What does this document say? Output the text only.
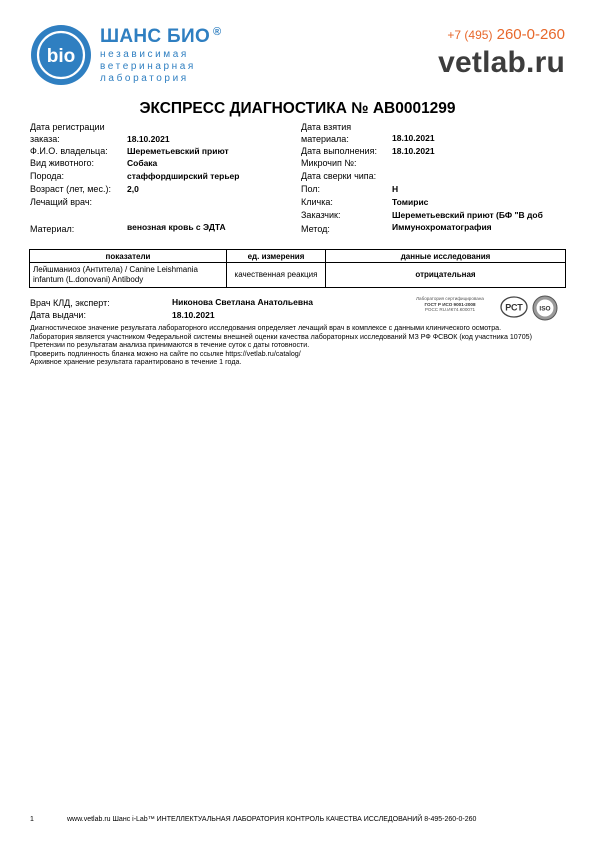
bio
ШАНС БИО ®
независимая
ветеринарная
лаборатория
+7 (495) 260-0-260
vetlab.ru
ЭКСПРЕСС ДИАГНОСТИКА № AB0001299
Дата регистрации
заказа:	18.10.2021
Ф.И.О. владельца: Шереметьевский приют
Вид животного:	Собака
Порода:	стаффордширский терьер
Возраст (лет, мес.): 2,0
Лечащий врач:
Материал:	венозная кровь с ЭДТА
Дата взятия
материала:	18.10.2021
Дата выполнения: 18.10.2021
Микрочип №:
Дата сверки чипа:
Пол:	Н
Кличка:	Томирис
Заказчик:	Шереметьевский приют (БФ "В доб
Метод:	Иммунохроматография
показатели	ед. измерения	данные исследования
Лейшманиоз (Антитела) / Canine Leishmania infantum (L.donovani) Antibody	качественная реакция	отрицательная
Врач КЛД, эксперт:	Никонова Светлана Анатольевна
Дата выдачи:	18.10.2021
Лаборатория сертифицирована
ГОСТ Р ИСО 9001-2008
РОСС RU.ИК74.К00071	РСТ	ISO
Диагностическое значение результата лабораторного исследования определяет лечащий врач в комплексе с данными клинического осмотра.
Лаборатория является участником Федеральной системы внешней оценки качества лабораторных исследований МЗ РФ ФСВОК (код участника 10705) Претензии по результатам анализа принимаются в течение суток с даты готовности.
Проверить подлинность бланка можно на сайте по ссылке https://vetlab.ru/catalog/
Архивное хранение результата гарантировано в течение 1 года.
1	www.vetlab.ru Шанс i-Lab™ ИНТЕЛЛЕКТУАЛЬНАЯ ЛАБОРАТОРИЯ КОНТРОЛЬ КАЧЕСТВА ИССЛЕДОВАНИЙ 8-495-260-0-260
